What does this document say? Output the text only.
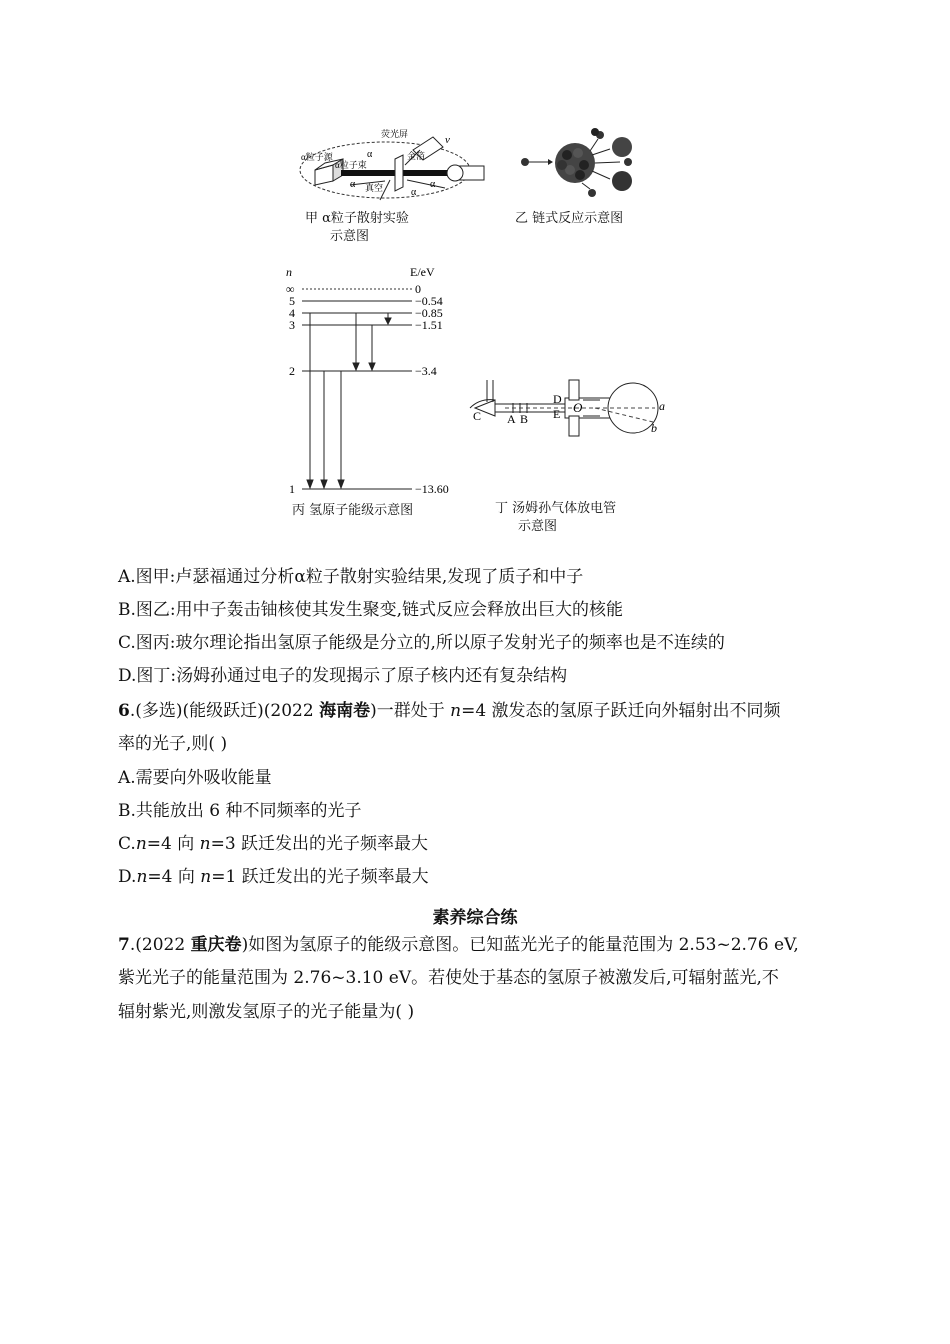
α粒子源
α粒子束
金箔
荧光屏	v
真空
α
α
α
α
甲 α粒子散射实验
示意图
乙 链式反应示意图
n	E/eV
∞
5
4
3
2
1
0
−0.54
−0.85
−1.51
−3.4
−13.60
丙 氢原子能级示意图
C A B
D
E O	a
b
丁 汤姆孙气体放电管
示意图
A.图甲:卢瑟福通过分析α粒子散射实验结果,发现了质子和中子
B.图乙:用中子轰击铀核使其发生聚变,链式反应会释放出巨大的核能
C.图丙:玻尔理论指出氢原子能级是分立的,所以原子发射光子的频率也是不连续的
D.图丁:汤姆孙通过电子的发现揭示了原子核内还有复杂结构
6.(多选)(能级跃迁)(2022 海南卷)一群处于 n=4 激发态的氢原子跃迁向外辐射出不同频
率的光子,则( )
A.需要向外吸收能量
B.共能放出 6 种不同频率的光子
C.n=4 向 n=3 跃迁发出的光子频率最大
D.n=4 向 n=1 跃迁发出的光子频率最大
素养综合练
7.(2022 重庆卷)如图为氢原子的能级示意图。已知蓝光光子的能量范围为 2.53~2.76 eV,
紫光光子的能量范围为 2.76~3.10 eV。若使处于基态的氢原子被激发后,可辐射蓝光,不
辐射紫光,则激发氢原子的光子能量为( )
